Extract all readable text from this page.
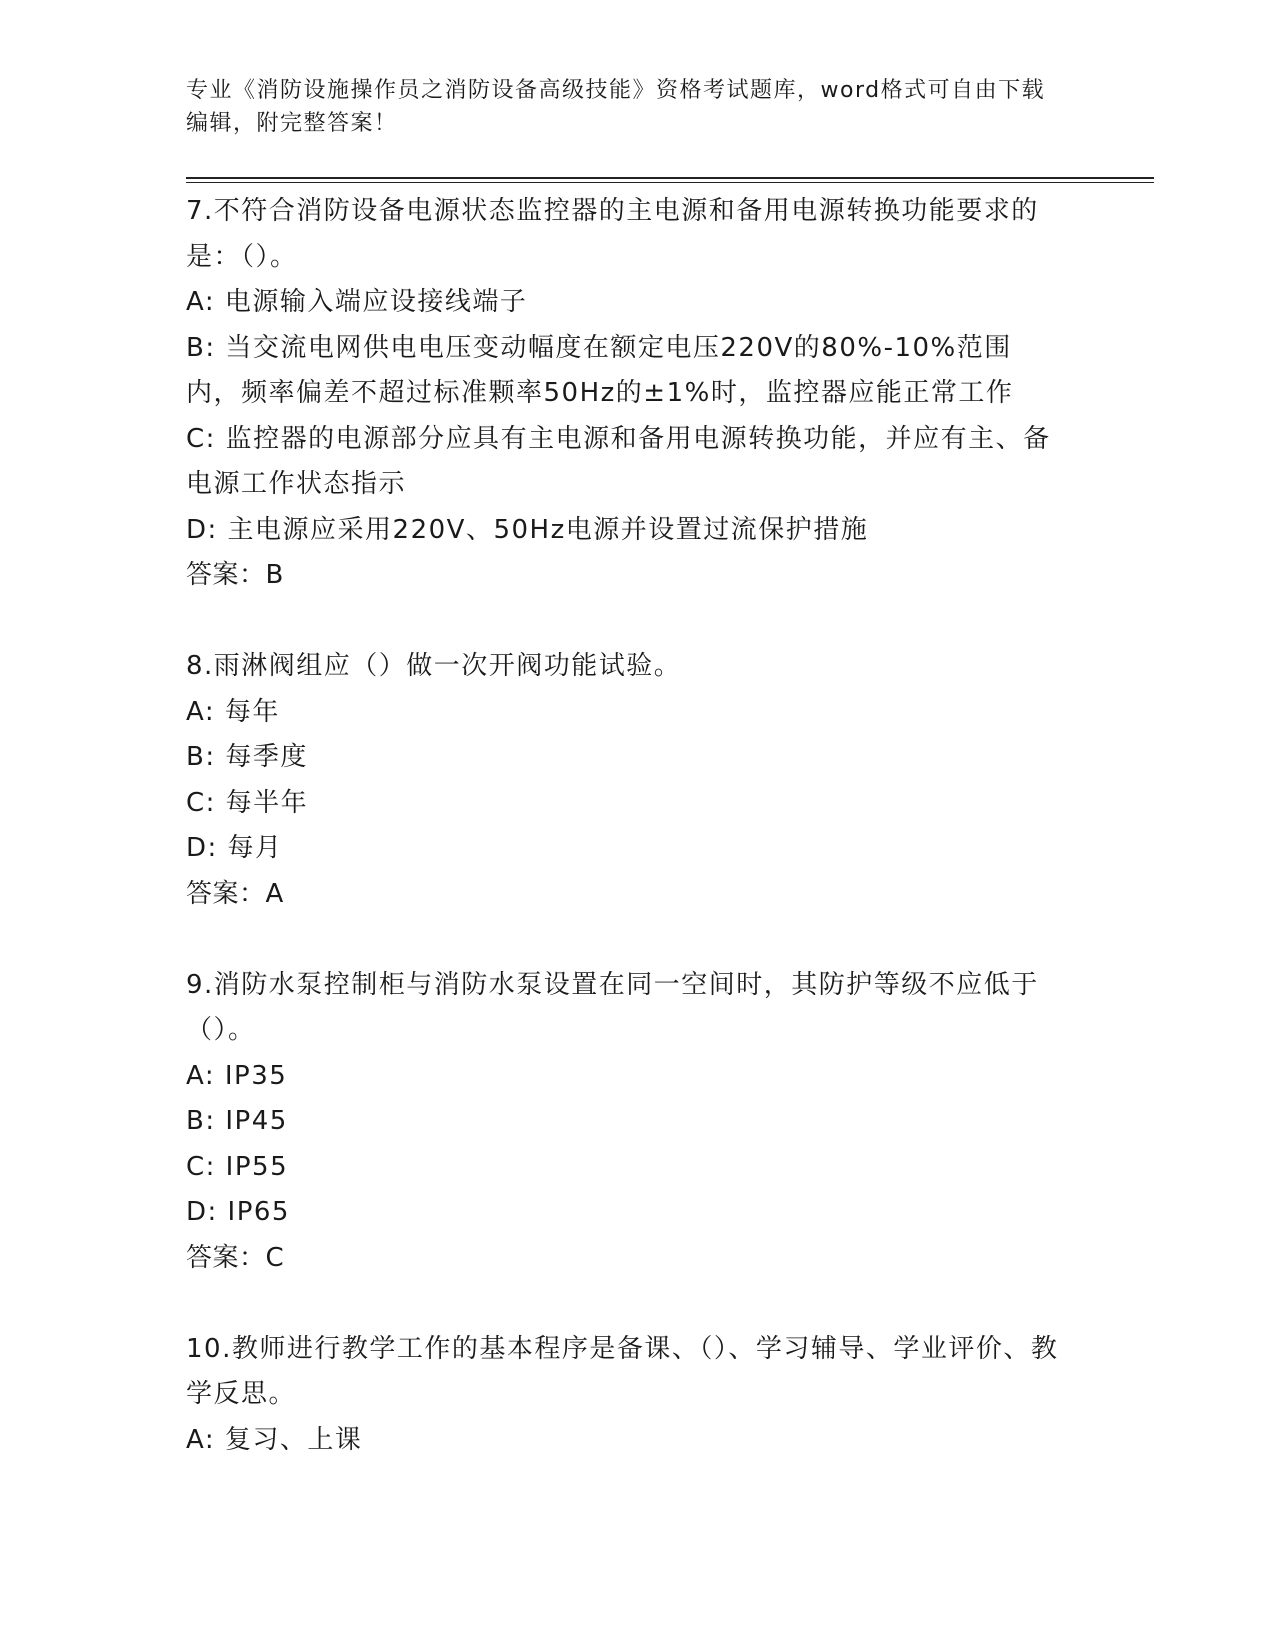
专业《消防设施操作员之消防设备高级技能》资格考试题库，word格式可自由下载编辑，附完整答案！
7.不符合消防设备电源状态监控器的主电源和备用电源转换功能要求的是：（）。
A: 电源输入端应设接线端子
B: 当交流电网供电电压变动幅度在额定电压220V的80%-10%范围内，频率偏差不超过标准颗率50Hz的±1%时，监控器应能正常工作
C: 监控器的电源部分应具有主电源和备用电源转换功能，并应有主、备电源工作状态指示
D: 主电源应采用220V、50Hz电源并设置过流保护措施
答案：B
8.雨淋阀组应（）做一次开阀功能试验。
A: 每年
B: 每季度
C: 每半年
D: 每月
答案：A
9.消防水泵控制柜与消防水泵设置在同一空间时，其防护等级不应低于（）。
A: IP35
B: IP45
C: IP55
D: IP65
答案：C
10.教师进行教学工作的基本程序是备课、（）、学习辅导、学业评价、教学反思。
A: 复习、上课
